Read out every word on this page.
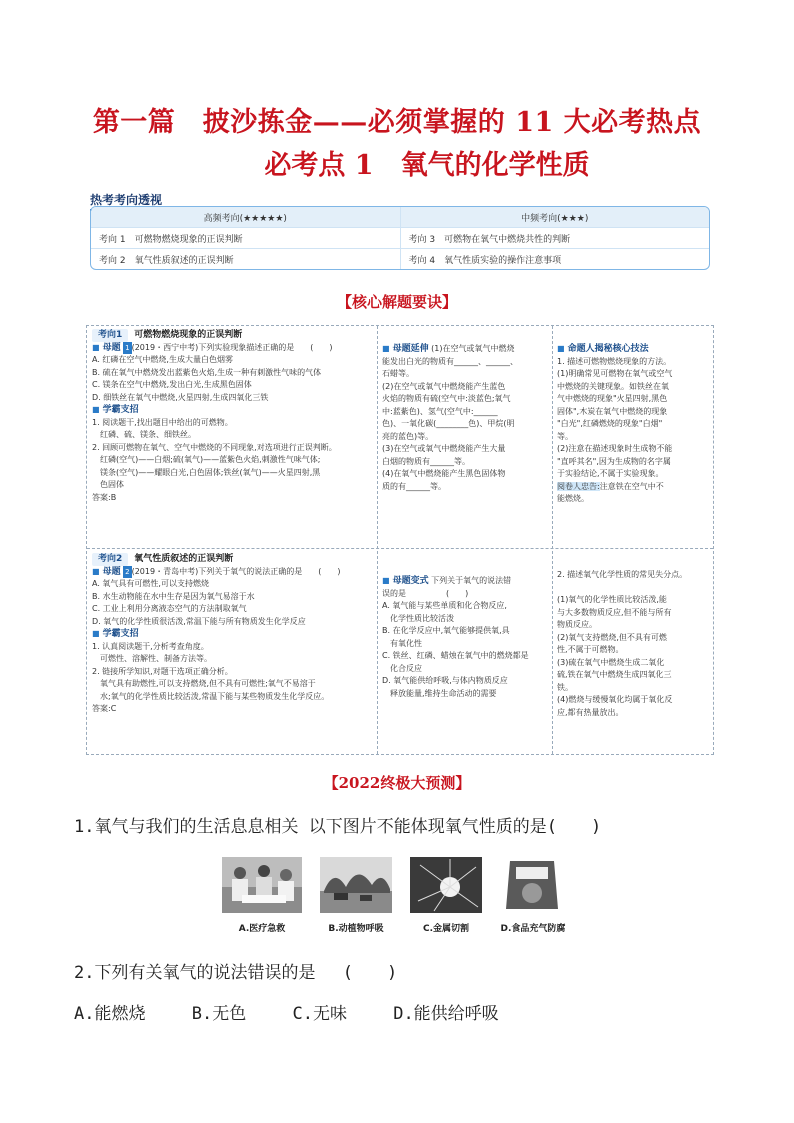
第一篇　披沙拣金——必须掌握的 11 大必考热点
必考点 1　氧气的化学性质
热考考向透视
高频考向(★★★★★)	中频考向(★★★)
考向 1　可燃物燃烧现象的正误判断	考向 3　可燃物在氧气中燃烧共性的判断
考向 2　氧气性质叙述的正误判断	考向 4　氧气性质实验的操作注意事项
【核心解题要诀】
考向1 可燃物燃烧现象的正误判断

■ 母题 1 (2019・西宁中考)下列实验现象描述正确的是　　(　　)

A. 红磷在空气中燃烧,生成大量白色烟雾

B. 硫在氧气中燃烧发出蓝紫色火焰,生成一种有刺激性气味的气体

C. 镁条在空气中燃烧,发出白光,生成黑色固体

D. 细铁丝在氧气中燃烧,火星四射,生成四氧化三铁

■ 学霸支招

1. 阅读题干,找出题目中给出的可燃物。

　红磷、硫、镁条、细铁丝。

2. 回顾可燃物在氧气、空气中燃烧的不同现象,对选项进行正误判断。

　红磷(空气)——白烟;硫(氧气)——蓝紫色火焰,刺激性气味气体;

　镁条(空气)——耀眼白光,白色固体;铁丝(氧气)——火星四射,黑

　色固体

答案:B

■ 母题延伸 (1)在空气或氧气中燃烧

能发出白光的物质有______、______、

石蜡等。

(2)在空气或氧气中燃烧能产生蓝色

火焰的物质有硫(空气中:淡蓝色;氧气

中:蓝紫色)、氢气(空气中:______

色)、一氧化碳(________色)、甲烷(明

亮的蓝色)等。

(3)在空气或氧气中燃烧能产生大量

白烟的物质有______等。

(4)在氧气中燃烧能产生黑色固体物

质的有______等。

■ 命题人揭秘核心技法

1. 描述可燃物燃烧现象的方法。

(1)明确常见可燃物在氧气或空气

中燃烧的关键现象。如铁丝在氧

气中燃烧的现象"火星四射,黑色

固体",木炭在氧气中燃烧的现象

"白光",红磷燃烧的现象"白烟"

等。

(2)注意在描述现象时生成物不能

"直呼其名",因为生成物的名字属

于实验结论,不属于实验现象。

阅卷人忠告:注意铁在空气中不

能燃烧。

考向2 氧气性质叙述的正误判断

■ 母题 2 (2019・青岛中考)下列关于氧气的说法正确的是　　(　　)

A. 氧气具有可燃性,可以支持燃烧

B. 水生动物能在水中生存是因为氧气易溶于水

C. 工业上利用分离液态空气的方法制取氧气

D. 氧气的化学性质很活泼,常温下能与所有物质发生化学反应

■ 学霸支招

1. 认真阅读题干,分析考查角度。

　可燃性、溶解性、制备方法等。

2. 链接所学知识,对题干选项正确分析。

　氧气具有助燃性,可以支持燃烧,但不具有可燃性;氧气不易溶于

　水;氧气的化学性质比较活泼,常温下能与某些物质发生化学反应。

答案:C

■ 母题变式 下列关于氧气的说法错

误的是　　　　　(　　)

A. 氧气能与某些单质和化合物反应,

　化学性质比较活泼

B. 在化学反应中,氧气能够提供氧,具

　有氧化性

C. 铁丝、红磷、蜡烛在氧气中的燃烧都是

　化合反应

D. 氧气能供给呼吸,与体内物质反应

　释放能量,维持生命活动的需要

2. 描述氧气化学性质的常见失分点。

(1)氧气的化学性质比较活泼,能

与大多数物质反应,但不能与所有

物质反应。

(2)氧气支持燃烧,但不具有可燃

性,不属于可燃物。

(3)硫在氧气中燃烧生成二氧化

硫,铁在氧气中燃烧生成四氧化三

铁。

(4)燃烧与缓慢氧化均属于氧化反

应,都有热量放出。

【2022终极大预测】
1.氧气与我们的生活息息相关 以下图片不能体现氧气性质的是(　　)
A.医疗急救	B.动植物呼吸	C.金属切割	D.食品充气防腐
2.下列有关氧气的说法错误的是　 (　　)
A.能燃烧	B.无色	C.无味	D.能供给呼吸
